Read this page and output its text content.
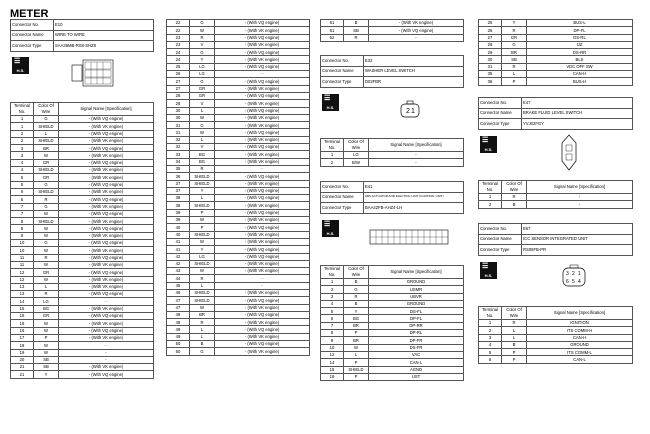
METER
Connector No.	E10
Connector Name	WIRE TO WIRE
Connector Type	SAA36MB-RS8-SHZ8
☰ H.S.
Terminal
No.	Color Of
Wire	Signal Name [Specification]
1	G	- (With VQ engine)
1	SHIELD	- (With VK engine)
2	L	- (With VQ engine)
2	SHIELD	- (With VK engine)
3	BR	- (With VQ engine)
3	W	- (With VK engine)
4	GR	- (With VQ engine)
4	SHIELD	- (With VK engine)
5	GR	- (With VK engine)
5	G	- (With VQ engine)
6	SHIELD	- (With VK engine)
6	R	- (With VQ engine)
7	G	- (With VK engine)
7	W	- (With VQ engine)
8	SHIELD	- (With VK engine)
8	W	- (With VQ engine)
9	W	- (With VK engine)
10	G	- (With VQ engine)
10	W	- (With VK engine)
11	R	- (With VQ engine)
11	W	- (With VK engine)
12	GR	- (With VQ engine)
12	W	- (With VK engine)
13	L	- (With VK engine)
13	R	- (With VQ engine)
14	LG	-
15	BG	- (With VK engine)
15	GR	- (With VQ engine)
16	W	- (With VK engine)
16	W	- (With VQ engine)
17	P	- (With VK engine)
18	W	-
19	W	-
20	SB	-
21	SB	- (With VK engine)
21	Y	- (With VQ engine)
22	G	- (With VQ engine)
22	W	- (With VK engine)
23	R	- (With VQ engine)
23	V	- (With VK engine)
24	G	- (With VQ engine)
24	Y	- (With VK engine)
25	LG	- (With VQ engine)
26	LG	-
27	G	- (With VQ engine)
27	GR	- (With VK engine)
28	GR	- (With VQ engine)
28	V	- (With VK engine)
30	L	- (With VQ engine)
30	W	- (With VK engine)
31	G	- (With VK engine)
31	W	- (With VQ engine)
32	L	- (With VK engine)
32	V	- (With VQ engine)
33	BG	- (With VK engine)
34	BG	- (With VK engine)
35	R	-
36	SHIELD	- (With VQ engine)
37	SHIELD	- (With VK engine)
37	Y	- (With VQ engine)
38	L	- (With VQ engine)
38	SHIELD	- (With VK engine)
39	P	- (With VQ engine)
39	W	- (With VK engine)
40	P	- (With VQ engine)
40	SHIELD	- (With VK engine)
41	W	- (With VK engine)
41	Y	- (With VQ engine)
42	LG	- (With VQ engine)
42	SHIELD	- (With VK engine)
43	W	- (With VK engine)
44	R	-
45	L	-
46	SHIELD	- (With VK engine)
47	SHIELD	- (With VQ engine)
47	W	- (With VK engine)
48	BR	- (With VQ engine)
48	R	- (With VK engine)
49	L	- (With VQ engine)
49	L	- (With VK engine)
50	B	- (With VQ engine)
50	G	- (With VK engine)
51	B	- (With VK engine)
51	SB	- (With VQ engine)
52	R	-
Connector No.	E32
Connector Name	WASHER LEVEL SWITCH
Connector Type	D02FBR
☰ H.S.
2 1
Terminal
No.	Color Of
Wire	Signal Name [Specification]
1	LG	-
2	B/W	-
Connector No.	E41
Connector Name	ABS ACTUATOR AND ELECTRIC UNIT (CONTROL UNIT)
Connector Type	BAA42FB-AHZ4-LH
☰ H.S.
Terminal
No.	Color Of
Wire	Signal Name [Specification]
1	B	GROUND
2	G	USMR
3	R	UBVR
4	B	GROUND
5	Y	DS-FL
6	BG	DP-FL
7	BR	DP-RR
8	P	DP-RL
9	BR	DP-FR
10	W	DS-FR
12	L	VAC
14	P	CAN-L
15	SHIELD	AGND
19	P	UST
25	Y	BUS-L
26	R	DP-FL
27	GR	DS-RL
28	G	IJZ
29	BR	DS-RR
30	SB	BLS
31	R	VDC OFF SW
35	L	CAN-H
36	P	BUS-H
Connector No.	E47
Connector Name	BRAKE FLUID LEVEL SWITCH
Connector Type	YVJ02FGY
☰ H.S.
Terminal
No.	Color Of
Wire	Signal Name [Specification]
1	R	-
2	B	-
Connector No.	E67
Connector Name	ICC SENSOR INTEGRATED UNIT
Connector Type	RS06FB-PR
☰ H.S.	3 2 1
6 5 4
Terminal
No.	Color Of
Wire	Signal Name [Specification]
1	R	IGNITION
2	L	ITS COMM-H
3	L	CAN-H
4	B	GROUND
5	P	ITS COMM-L
6	P	CAN-L
